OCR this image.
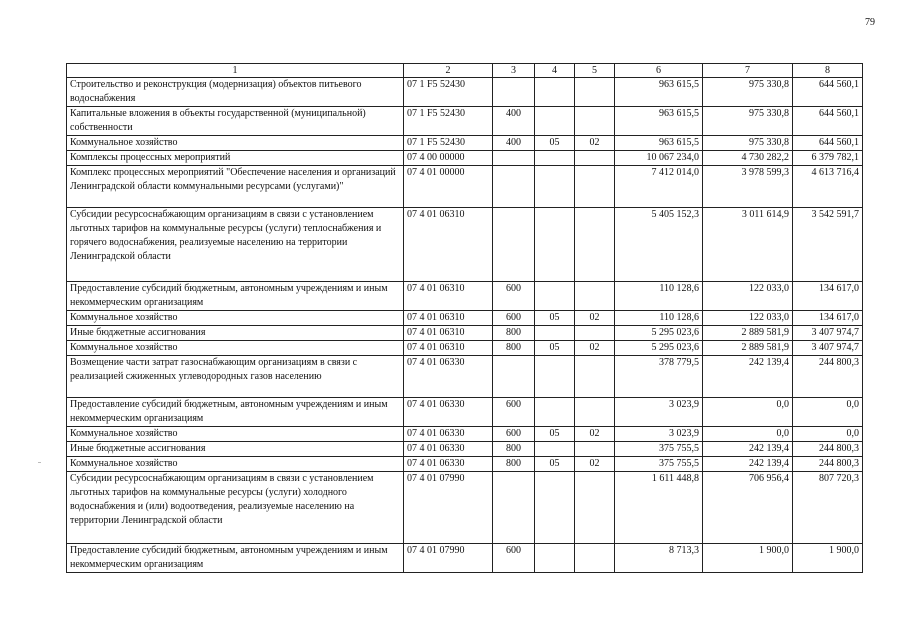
79
1	2	3	4	5	6	7	8
Строительство и реконструкция (модернизация) объектов питьевого водоснабжения	07 1 F5 52430				963 615,5	975 330,8	644 560,1
Капитальные вложения в объекты государственной (муниципальной) собственности	07 1 F5 52430	400			963 615,5	975 330,8	644 560,1
Коммунальное хозяйство	07 1 F5 52430	400	05	02	963 615,5	975 330,8	644 560,1
Комплексы процессных мероприятий	07 4 00 00000				10 067 234,0	4 730 282,2	6 379 782,1
Комплекс процессных мероприятий "Обеспечение населения и организаций Ленинградской области коммунальными ресурсами (услугами)"	07 4 01 00000				7 412 014,0	3 978 599,3	4 613 716,4
Субсидии ресурсоснабжающим организациям в связи с установлением льготных тарифов на коммунальные ресурсы (услуги) теплоснабжения и горячего водоснабжения, реализуемые населению на территории Ленинградской области	07 4 01 06310				5 405 152,3	3 011 614,9	3 542 591,7
Предоставление субсидий бюджетным, автономным учреждениям и иным некоммерческим организациям	07 4 01 06310	600			110 128,6	122 033,0	134 617,0
Коммунальное хозяйство	07 4 01 06310	600	05	02	110 128,6	122 033,0	134 617,0
Иные бюджетные ассигнования	07 4 01 06310	800			5 295 023,6	2 889 581,9	3 407 974,7
Коммунальное хозяйство	07 4 01 06310	800	05	02	5 295 023,6	2 889 581,9	3 407 974,7
Возмещение части затрат газоснабжающим организациям в связи с реализацией сжиженных углеводородных газов населению	07 4 01 06330				378 779,5	242 139,4	244 800,3
Предоставление субсидий бюджетным, автономным учреждениям и иным некоммерческим организациям	07 4 01 06330	600			3 023,9	0,0	0,0
Коммунальное хозяйство	07 4 01 06330	600	05	02	3 023,9	0,0	0,0
Иные бюджетные ассигнования	07 4 01 06330	800			375 755,5	242 139,4	244 800,3
Коммунальное хозяйство	07 4 01 06330	800	05	02	375 755,5	242 139,4	244 800,3
Субсидии ресурсоснабжающим организациям в связи с установлением льготных тарифов на коммунальные ресурсы (услуги) холодного водоснабжения и (или) водоотведения, реализуемые населению на территории Ленинградской области	07 4 01 07990				1 611 448,8	706 956,4	807 720,3
Предоставление субсидий бюджетным, автономным учреждениям и иным некоммерческим организациям	07 4 01 07990	600			8 713,3	1 900,0	1 900,0
